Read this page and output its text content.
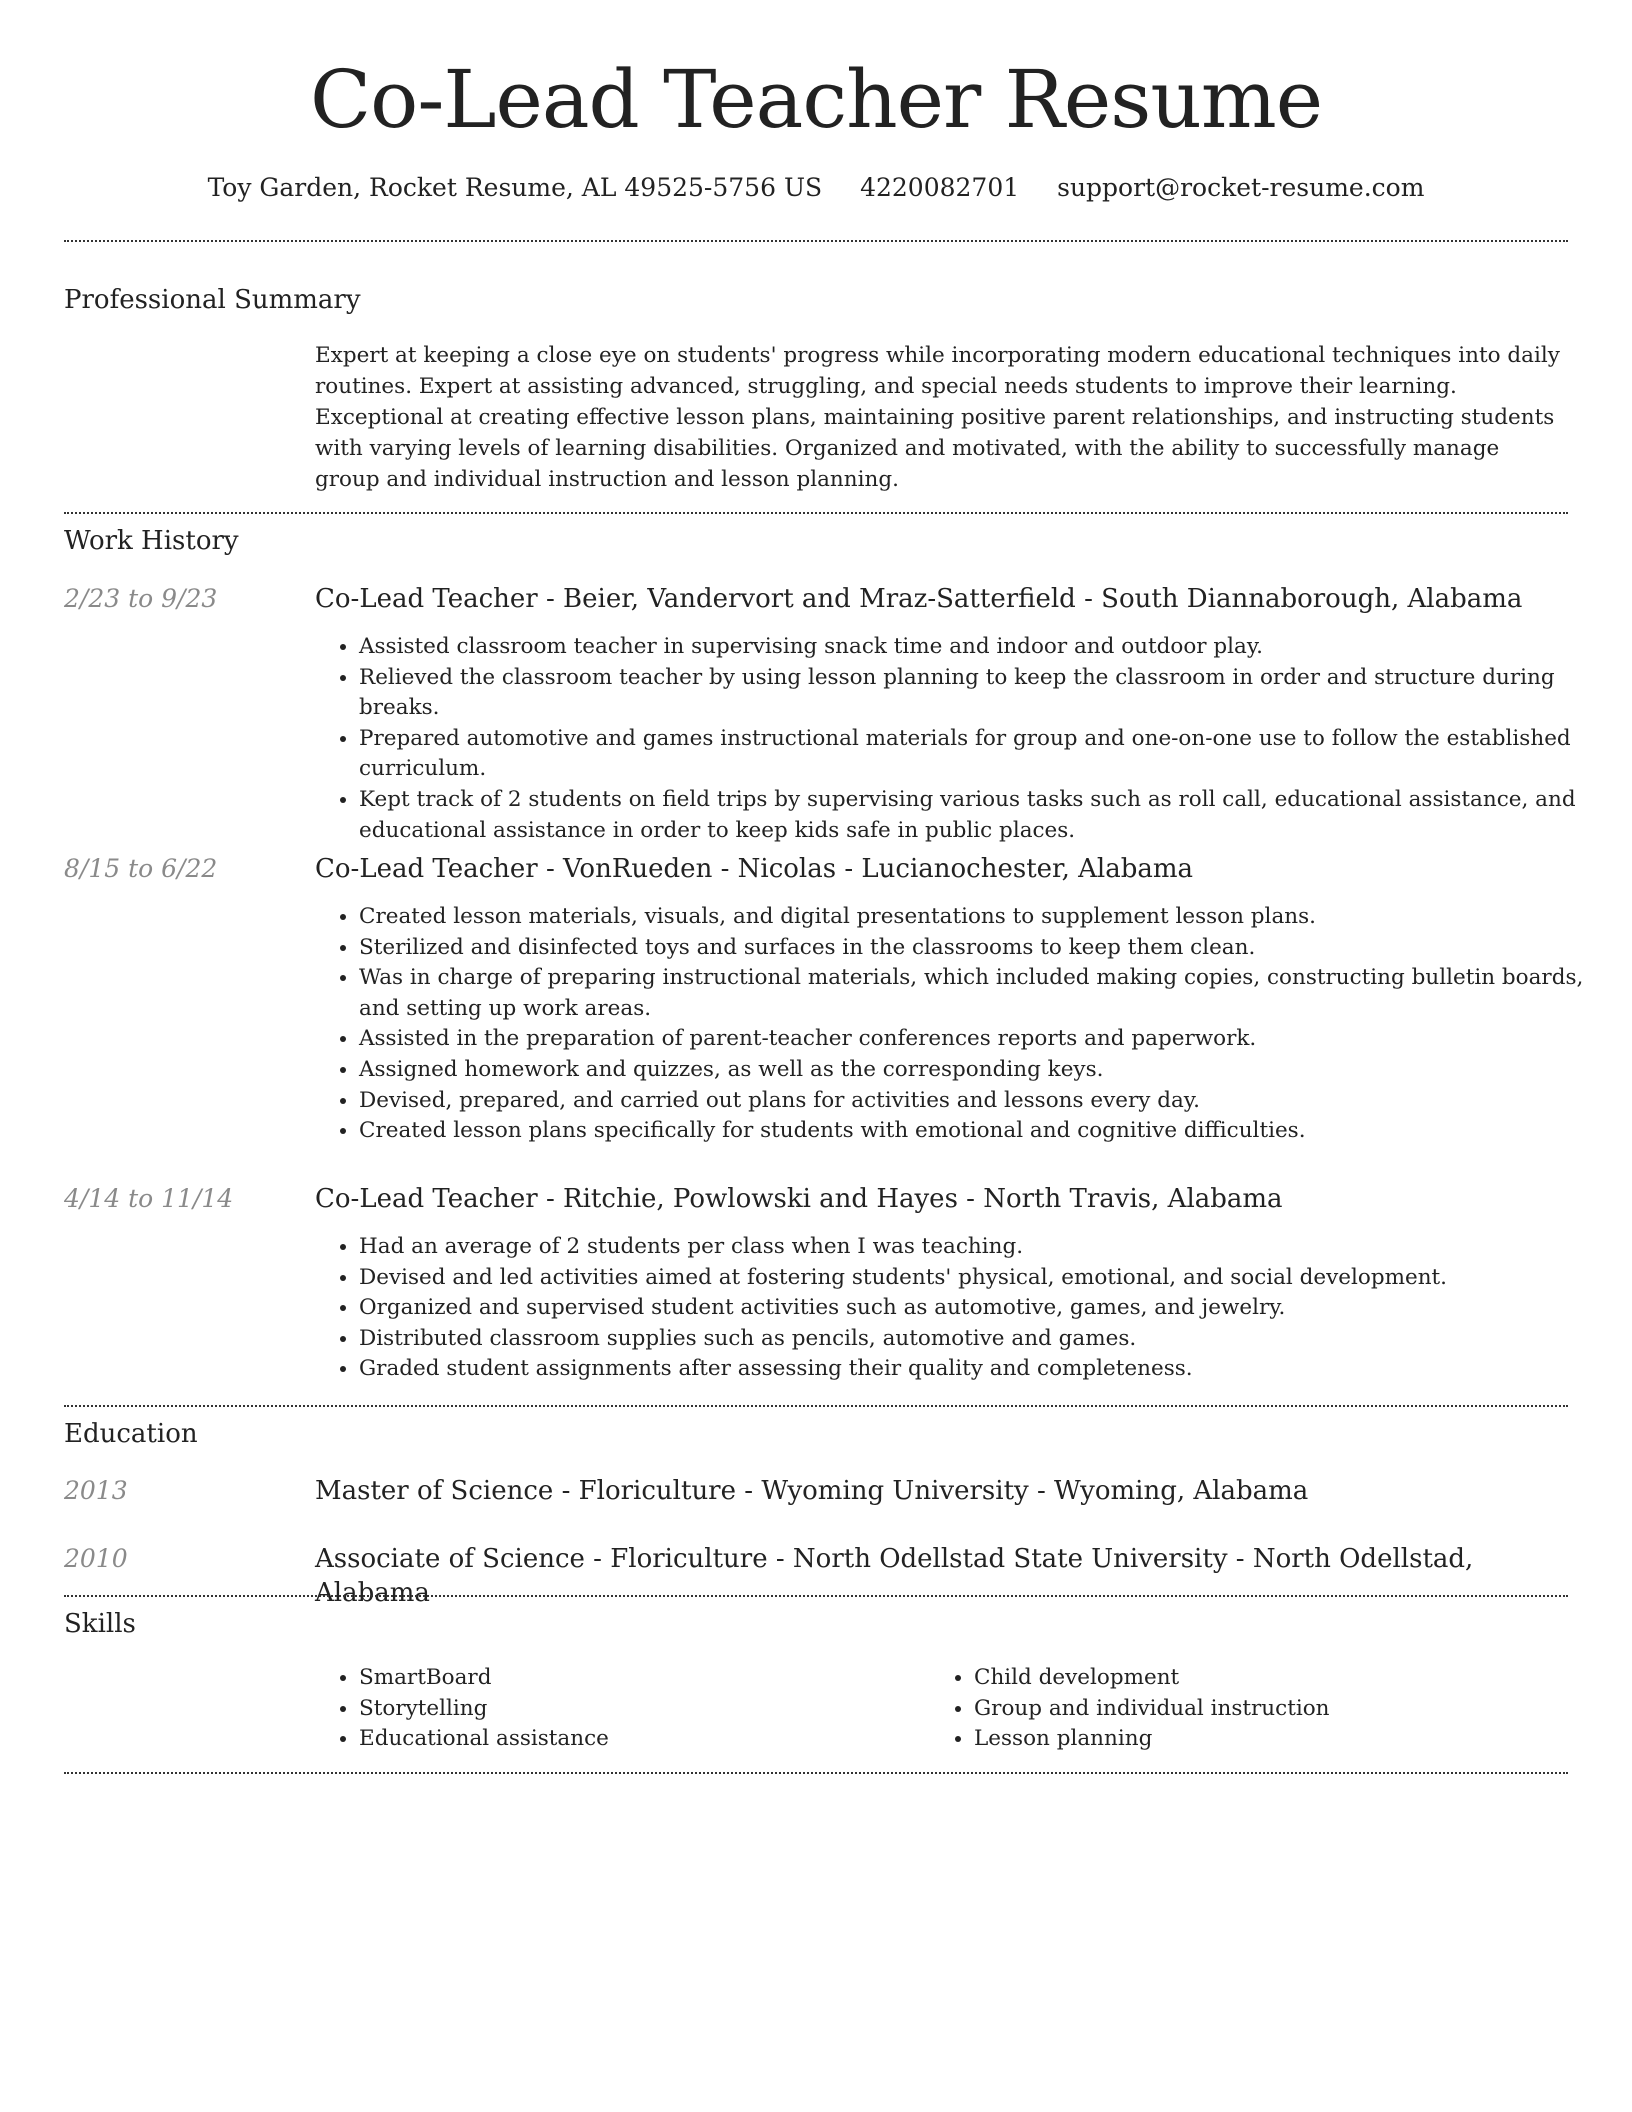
Co-Lead Teacher Resume
Toy Garden, Rocket Resume, AL 49525-5756 US 4220082701 support@rocket-resume.com
Professional Summary
Expert at keeping a close eye on students' progress while incorporating modern educational techniques into daily routines. Expert at assisting advanced, struggling, and special needs students to improve their learning. Exceptional at creating effective lesson plans, maintaining positive parent relationships, and instructing students with varying levels of learning disabilities. Organized and motivated, with the ability to successfully manage group and individual instruction and lesson planning.
Work History
2/23 to 9/23	Co-Lead Teacher - Beier, Vandervort and Mraz-Satterfield - South Diannaborough, Alabama
• Assisted classroom teacher in supervising snack time and indoor and outdoor play.
• Relieved the classroom teacher by using lesson planning to keep the classroom in order and structure during breaks.
• Prepared automotive and games instructional materials for group and one-on-one use to follow the established curriculum.
• Kept track of 2 students on field trips by supervising various tasks such as roll call, educational assistance, and educational assistance in order to keep kids safe in public places.
8/15 to 6/22	Co-Lead Teacher - VonRueden - Nicolas - Lucianochester, Alabama
• Created lesson materials, visuals, and digital presentations to supplement lesson plans.
• Sterilized and disinfected toys and surfaces in the classrooms to keep them clean.
• Was in charge of preparing instructional materials, which included making copies, constructing bulletin boards, and setting up work areas.
• Assisted in the preparation of parent-teacher conferences reports and paperwork.
• Assigned homework and quizzes, as well as the corresponding keys.
• Devised, prepared, and carried out plans for activities and lessons every day.
• Created lesson plans specifically for students with emotional and cognitive difficulties.
4/14 to 11/14	Co-Lead Teacher - Ritchie, Powlowski and Hayes - North Travis, Alabama
• Had an average of 2 students per class when I was teaching.
• Devised and led activities aimed at fostering students' physical, emotional, and social development.
• Organized and supervised student activities such as automotive, games, and jewelry.
• Distributed classroom supplies such as pencils, automotive and games.
• Graded student assignments after assessing their quality and completeness.
Education
2013	Master of Science - Floriculture - Wyoming University - Wyoming, Alabama
2010	Associate of Science - Floriculture - North Odellstad State University - North Odellstad, Alabama
Skills
• SmartBoard
• Storytelling
• Educational assistance
• Child development
• Group and individual instruction
• Lesson planning
